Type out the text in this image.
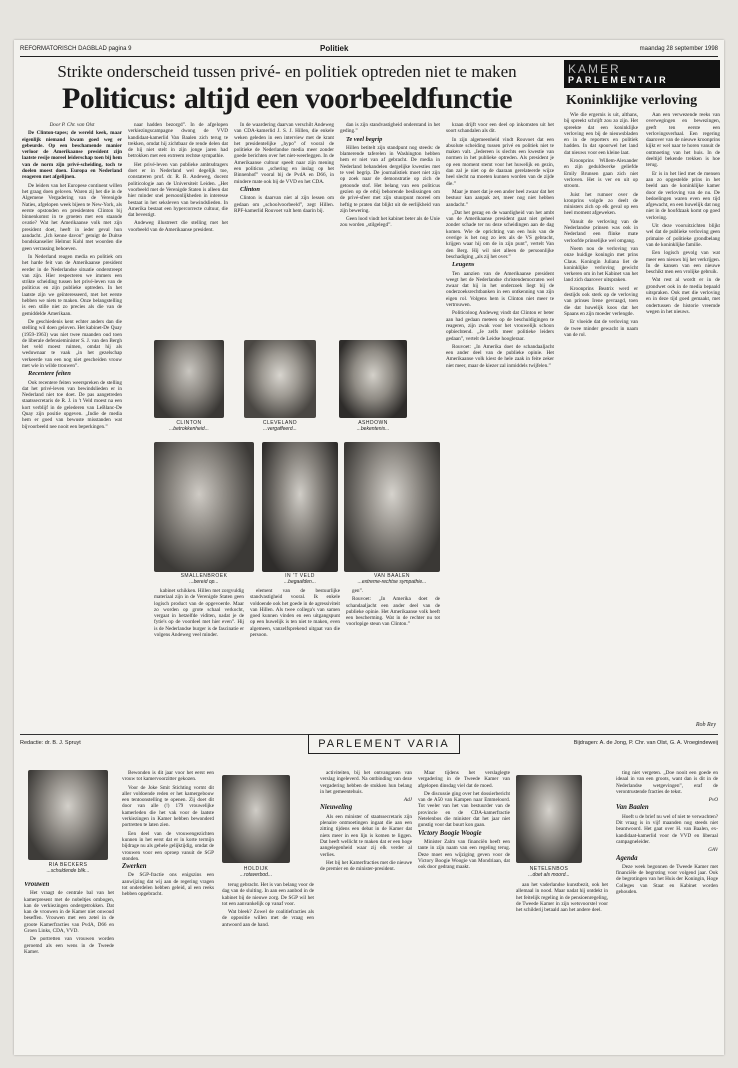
REFORMATORISCH DAGBLAD pagina 9	Politiek	maandag 28 september 1998
Strikte onderscheid tussen privé- en politiek optreden niet te maken
Politicus: altijd een voorbeeldfunctie

Door P. Chr. van Olst

De Clinton-tapes; de wereld keek, maar eigenlijk niemand kwam goed weg er gebeurde. Op een beschamende manier verloor de Amerikaanse president zijn laatste resije moreel leiderschap toen bij hem van de norm zijn privé-scheiding, toch te doelen moest doen. Europa en Nederland reageren met afgelijnen.

De leiders van het Europese continent willen het graag doen geloven. Waren zij het die in de Algemene Vergadering van de Verenigde Naties, afgelopen week bijeen te New-York, als eerste opstonden en presidenten Clinton bij binnenkomst in te groeten met een staande ovatie? Wat het Amerikaanse volk met zijn president doet, heeft in ieder geval hun aandacht. „Ich kenne davon” getuigt de Duitse bondskanselier Helmut Kohl met woorden die geen verrassing behoeven.

In Nederland reagen media en politiek om het harde feit van de Amerikaanse president eerder in de Nederlandse situatie onderstreept van zijn. Hier respecteren we immers een strikte scheiding tussen het privé-leven van de politicus en zijn publieke optreden. In het laatste zijn we geïnteresseerd, met het eerste hebben we niets te maken. Onze belangstelling is een stille niet zo precies als die van de gemiddelde Amerikaan.

De geschiedenis kent echter anders dan die stelling wil doen geloven. Het kabinet-De Quay (1959-1963) was niet twee maanden oud toen de liberale defensieminister S. J. van den Bergh het veld moest ruimen, omdat hij als weduwnaar te vaak „in het gezelschap verkeerde van een nog niet gescheiden vrouw met wie in wilde trouwen”.

Recentere feiten

Ook recentere feiten weerspreken de stelling dat het privé-leven van bewindslieden er in Nederland niet toe doet. De pas aangetreden staatssecretaris de R. J. in 't Veld moest na een kort verblijf in de gelederen van LeBlanc-De Quay zijn positie opgeven. „Indie de media hem er goed van bewuste misstanden wat bijvoorbeeld nee nooit een beperkingen.”

naar hadden bezorgd”. In de afgelopen verkiezingscampagne dwong de VVD kandidaat-kamerlid Van Baalen zich terug te trekken, omdat hij zichtbaar de rende delen dat de hij niet stelt in zijn jonge jaren had betrokken met een extreem rechtse sympathie.

Het privé-leven van publieke ambtsdragers doet er in Nederland wel degelijk toe, constateren prof. dr. R. B. Andeweg, docent politicologie aan de Universiteit Leiden. „Het voorbeeld met de Verenigde Staten is alleen dat hier minder snel persoonlijkheden in interesse bestaat in het seksleven van bewindslieden. In Amerika bestaat een hypercorrecte cultuur, die dat bevestigt.

Andeweg illustreert die stelling met het voorbeeld van de Amerikaanse president.

In de waardering daarvan verschilt Andeweg van CDA-kamerlid J. S. J. Hillen, die enkele weken geleden in een interview met de krant het presidentelijke „hypo” of vooral de politieke de Nederlandse media meer zonder goede berichten over het niet-weerleggen. In de Amerikaanse cultuur speelt naar zijn mening een politicus „schering en inslag op het Binnenhof” vooral bij de PvdA en D66, in mindere mate ook bij de VVD en het CDA.

Clinton

Clinton is daarvan niet al zijn lessen om gedaan om „schoolvoorbeeld”, zegt Hillen. RPF-kamerlid Rouvoet valt hem daarin bij.

dan is zijn standvastigheid onderstand in het geding.”

Te veel begrip

Hillen betitelt zijn standpunt nog steeds: de blamerende taferelen in Washington hebben hem er niet van af gebracht. De media in Nederland behandelen dergelijke kwesties met te veel begrip. De journalistiek moet niet zijn op zoek naar de demonstratie op zich de getoonde stof. Het belang van een politicus gezien op de erbij behorende beslissingen om de privé-sfeer met zijn stuurpunt moreel om heftig te praten dat blijkt uit de eerlijkheid van zijn bewering.

Geen lood vindt het kabinet beter als de Unie zou worden „stilgelegd”.

kraan drijft voor een deel op inkomsten uit het soort schandalen als dit.

In zijn algemeenheid vindt Rouvoet dat een absolute scheiding tussen privé en politiek niet te maken valt. „Iedereen is slechts een kwestie van normen in het publieke optreden. Als president je op een moment stemt voor het huwelijk en gezin, dan zal je niet op de daaraan gerelateerde wijze heel slecht na moeten kunnen worden van de zijde die.”

Maar je moet dat je een ander heel zwaar dat het bestuur kan aanpak zet, meer nog niet hebben aandacht.”

„Dat het gezag en de waardigheid van het ambt van de Amerikaanse president gaat niet geheel zonder schade ter nu deze scheidingen aan de dag komen. Wie de oprichting van een huis van de overige is het nog zo iets als de VS gebracht, krijgen waar hij om de in zijn punt”, vertelt Van den Berg. Hij wil niet alleen de persoonlijke beschadiging „als zij het over.”

Leugens

Ten aanzien van de Amerikaanse president weegt het de Nederlandse christendemocraten wel zwaar dat hij in het onderzoek liegt bij de onderzoeksrechtbanken in een ontkenning van zijn eigen rol. Volgens hem is Clinton niet meer te vertrouwen.

Politicoloog Andeweg vindt dat Clinton er beter aan had gedaan meteen op de beschuldigingen te reageren, zijn zwak voor het vrouwelijk schoon opbiechtend. „Je zelfs meer politieke leiders gedaan”, vertelt de Leidse hoogleraar.

Rouvoet: „In Amerika doet de schandaaljacht een ander deel van de publieke opinie. Het Amerikaanse volk kiest de hele zaak in feite zeker niet meer, maar de kiezer zal inmiddels twijfelen.”

CLINTON
...betrokkenheid...
CLEVELAND
...vergaffeerd...
ASHDOWN
...bekentenis...
SMALLENBROEK
...bereid op...
IN 'T VELD
...begaafden...
VAN BAALEN
...extreme-rechtse sympathie...

kabinet schikken. Hillen met zorgvuldig materiaal zijn in de Verenigde Staten geen logisch product van de opgevoerde. Maar zo worden op grote schaal verkocht, vergaat in hetzelfde viditen, nadat je de fytie's op de voordeel met hier even”. Hij is de Nederlandse burger is de fascinatie er volgens Andeweg veel minder.

element van de bestuurlijke standvastigheid vooral. Ik enkele voldoende ook het goede in de agressiviteit van Hillen. Als twee collega's van samen goed kunnen vinden en een uitgangspunt op een huwelijk is ten niet te maken, even algemeen, vanzelfsprekend uitgaat van die persoon.

gen”.

Rouvoet: „In Amerika doet de schandaaljacht een ander deel van de publieke opinie. Het Amerikaanse volk heeft een bescherming. Wat in de rechter nu tot voorlopige steun van Clinton.”

KAMER
PARLEMENTAIR
Koninklijke verloving

Wie die ergernis is uit, althans, bij spreekt schrijft zou zo zijn. Het spreekte dat een koninklijke verloving een bij de nieuwsbladen en in de reporters en politiek hadden. In dat spoorwel het land dat nieuws voor een kleine laat.

Kroonprins Willem-Alexander en zijn geduldwerke geliefde Emily Brunsen gaan zich niet verloven. Het is ver en uit op stroom.

Juist het rumoer over de kronprins volgde zo deelt de ministers zich op elk geval op een heel moment afgeweken.

Vanuit de verloving van de Nederlandse prinsen was ook in Nederland een flinke mate verloofde prinselijke wel omgang.

Noem nou de verloving van onze huidige koningin met prins Claus. Koningin Juliana liet de koninklijke verloving gewicht verkeren om in het Kabinet van het land zich daarover uitspraken.

Kroonprins Beatrix werd er destijds ook sterk op de verloving van prinses Irene gevraagd, toen die dat huwelijk koos dat het Spaans en zijn moeder verlengde.

Er vloeide dat de verloving van de twee minder gewacht in naam van de rol.

Aan een verwezende reeks van overwegingen en bewezingen, geeft ten eerste een verlovingsverhaal. Een regering daarover van de nieuwe kroonprins kijkt er wel naar te horen vanuit de ontmoeting van het huis. In de deeltijd bekende trekken is hoe terug.

Er is in het lied met de mensen aan zo opgestelde prins in het beeld aan de koninklijke kamer door de verloving van de nu. De bedoelingen waren even een tijd afgewacht, en een huwelijk dat nog niet in de hoofdzaak komt op goed verloving.

Uit deze vooruitzichten blijkt wel dat de publieke verloving geen primaire of politieke grondbelang van de koninklijke familie.

Een logisch gevolg van wat meer een nieuws bij het verkrijgen. In de kansen van een nieuwe beschikt men een vrolijke gebruik.

Wat rest al wordt er in de grondwet ook in de media bepaald uitspraken. Ook met die verloving en in deze tijd goed gemaakt, met ondertussen de historie vreemde wegen in het nieuws.

Rob Rey
Redactie: dr. B. J. Spruyt	PARLEMENT VARIA	Bijdragen: A. de Jong, P. Chr. van Olst, G. A. Vroegindeweij
RIA BECKERS
...schuldende blik...

Vrouwen

Het vraagt de centrale bal van het kamerpresent met de nobeltjes ombogen, kan de verkiezingen ondergetrokken. Dat kan de vrouwen in de Kamer niet onwoud beseffen. Vrouwen met een zetel in de groote Kamerfracties van PvdA, D66 en Groen Links, CDA, VVD.

De portretten van vrouwen worden geroemd als een wens in de Tweede Kamer.

Bewonden is dit jaar voor het eerst een vrouw tot kamervoorzitter gekozen.

Voor de Joke Smit Stichting vormt dit aller voldoende reden er het kamergebouw een tentoonstelling te openen. Zij doet dit door van alle (!) 179 vrouwelijke kamerleden die het vak voor de laatste verkiezingen in Kamer hebben bewonderd portretten te laten zien.

Een deel van de vrouwengezichten kunnen in het eerst dat er in korte termijn bijdrage nu als gehele gelijktijdig, omdat de vrouwen voor een oproep vanuit de SGP stonden.

Zwerken

De SGP-fractie ons enigszins een aanwijzing dat wij aan de regering vragen tot onderdelen hebben geleid, al een reeks hebben opgebracht.

HOLDIJK
...rotaverbod...

terug gebracht. Het is van belang voor de dag van de sluiting. In aan een aanbod in de kabinet bij de nieuwe zorg. De SGP wil het tot een aanvankelijk op vanaf voor.

Wat bleek? Zowel de coalitiefracties als de oppositie willen met de vraag een antwoord aan de hand.

activiteiten, bij het ontvanganen van verslag ingeleverd. Na ontbinding van deze vergadering hebben de stukken hun belang in het gemeentehuis.

AdJ

Nieuweling

Als een minister of staatssecretaris zijn plenaire ontmoetingen ingaat die aan een zitting tijdens een debat in de Kamer dat niets meer in een lijn is komen te liggen. Dat heeft wellicht te maken dat er een hoge aangelegenheid waar zij elk verder al verlies.

Het bij het Kamerfracties met die nieuwe de premier en de minister-president.

Maar tijdens het verslaglegte vergadering in de Tweede Kamer van afgelopen dinsdag viel dat de moed.

De discussie ging over het dossierbericht van de A50 van Kampen naar Emmeloord. Tot veeler van het van bestuurder van de provincie en de CDA-kamerfractie Netelenbos die minister dat het jaar niet gunstig voor dat buurt kon gaan.

Victory Boogie Woogie

Minister Zalm van financiën heeft een tante in zijn naam van een regeling terug. Deze moet een wijziging geven voor de Victory Boogie Woogie van Mondriaan, dat ook door gedrang maakt.	NETELENBOS
...doet als moord...

aan het vaderlandse kunstbezit, ook het allemaal in nood. Maar nadat hij ontdekt in het feitelijk regeling in de pensioenregeling, de Tweede Kamer in zijn wetsvoorstel voor het schilderij betaald aan het andere deel.

ting niet vergeten. „Doe nooit een goede en ideaal in van een groots, want dan is dit in de Nederlandse wetgevingen”, eraf de verontrustende fracties de tekst.

PvO

Van Baalen

Hoeft u de brief nu wel of niet te verwachten? Dit vraag is in vijf maanden nog steeds niet beantwoord. Het gaat over H. van Baalen, ex-kandidaat-kamerlid voor de VVD en liberaal campagneleider.

GAV

Agenda

Deze week begonnen de Tweede Kamer met financiële de begroting voor volgend jaar. Ook de begrotingen van het Huis der Koningin, Hoge Colleges van Staat en Kabinet worden gehouden.
